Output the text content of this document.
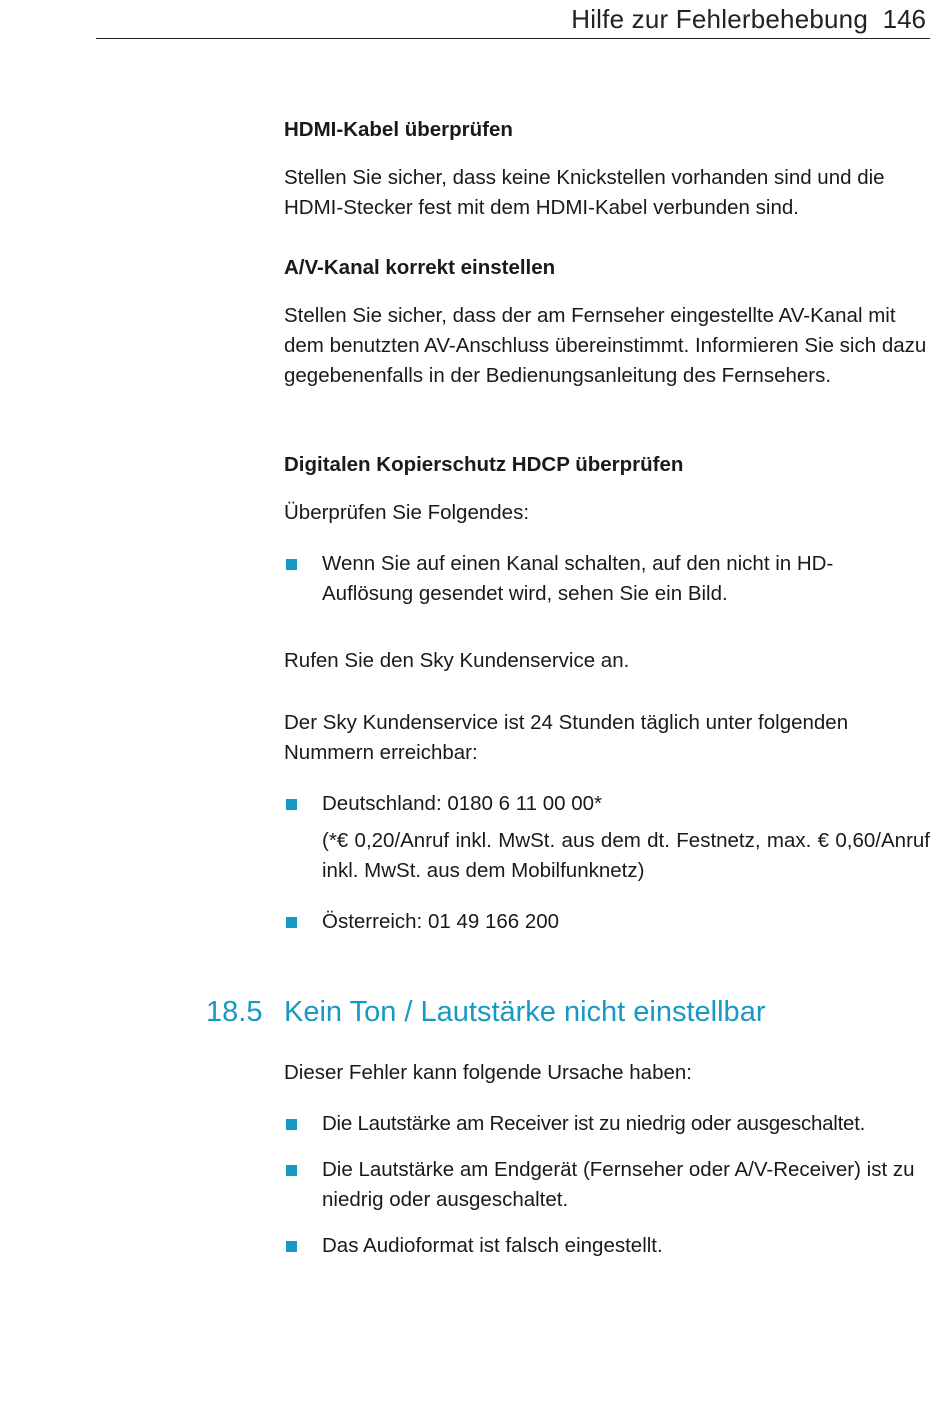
Hilfe zur Fehlerbehebung 146
HDMI-Kabel überprüfen
Stellen Sie sicher, dass keine Knickstellen vorhanden sind und die HDMI-Stecker fest mit dem HDMI-Kabel verbunden sind.
A/V-Kanal korrekt einstellen
Stellen Sie sicher, dass der am Fernseher eingestellte AV-Kanal mit dem benutzten AV-Anschluss übereinstimmt. Informieren Sie sich dazu gegebenenfalls in der Bedienungsanleitung des Fernsehers.
Digitalen Kopierschutz HDCP überprüfen
Überprüfen Sie Folgendes:
Wenn Sie auf einen Kanal schalten, auf den nicht in HD-Auflösung gesendet wird, sehen Sie ein Bild.
Rufen Sie den Sky Kundenservice an.
Der Sky Kundenservice ist 24 Stunden täglich unter folgenden Nummern erreichbar:
Deutschland: 0180 6 11 00 00*
(*€ 0,20/Anruf inkl. MwSt. aus dem dt. Festnetz, max. € 0,60/Anruf inkl. MwSt. aus dem Mobilfunknetz)
Österreich: 01 49 166 200
18.5 Kein Ton / Lautstärke nicht einstellbar
Dieser Fehler kann folgende Ursache haben:
Die Lautstärke am Receiver ist zu niedrig oder ausgeschaltet.
Die Lautstärke am Endgerät (Fernseher oder A/V-Receiver) ist zu niedrig oder ausgeschaltet.
Das Audioformat ist falsch eingestellt.
